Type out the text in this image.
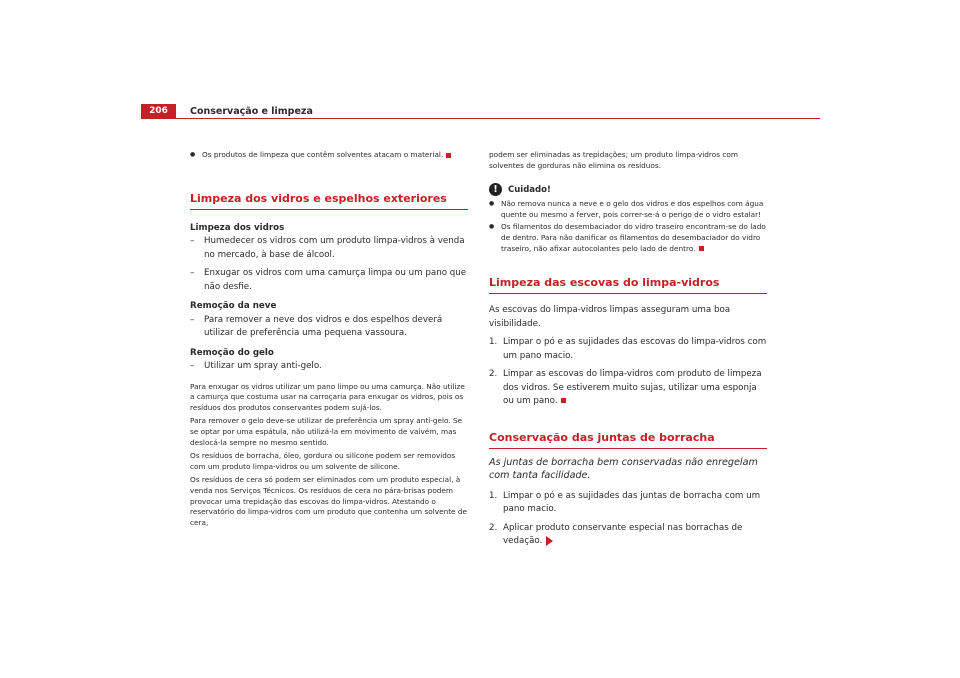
206	Conservação e limpeza

● Os produtos de limpeza que contêm solventes atacam o material.

Limpeza dos vidros e espelhos exteriores

Limpeza dos vidros

– Humedecer os vidros com um produto limpa-vidros à venda no mercado, à base de álcool.

– Enxugar os vidros com uma camurça limpa ou um pano que não desfie.

Remoção da neve

– Para remover a neve dos vidros e dos espelhos deverá utilizar de preferência uma pequena vassoura.

Remoção do gelo

– Utilizar um spray anti-gelo.

Para enxugar os vidros utilizar um pano limpo ou uma camurça. Não utilize a camurça que costuma usar na carroçaria para enxugar os vidros, pois os resíduos dos produtos conservantes podem sujá-los.

Para remover o gelo deve-se utilizar de preferência um spray anti-gelo. Se se optar por uma espátula, não utilizá-la em movimento de vaivém, mas deslocá-la sempre no mesmo sentido.

Os resíduos de borracha, óleo, gordura ou silicone podem ser removidos com um produto limpa-vidros ou um solvente de silicone.

Os resíduos de cera só podem ser eliminados com um produto especial, à venda nos Serviços Técnicos. Os resíduos de cera no pára-brisas podem provocar uma trepidação das escovas do limpa-vidros. Atestando o reservatório do limpa-vidros com um produto que contenha um solvente de cera,

podem ser eliminadas as trepidações; um produto limpa-vidros com solventes de gorduras não elimina os resíduos.

!	Cuidado!

● Não remova nunca a neve e o gelo dos vidros e dos espelhos com água quente ou mesmo a ferver, pois correr-se-á o perigo de o vidro estalar!

● Os filamentos do desembaciador do vidro traseiro encontram-se do lado de dentro. Para não danificar os filamentos do desembaciador do vidro traseiro, não afixar autocolantes pelo lado de dentro.

Limpeza das escovas do limpa-vidros

As escovas do limpa-vidros limpas asseguram uma boa visibilidade.

1. Limpar o pó e as sujidades das escovas do limpa-vidros com um pano macio.

2. Limpar as escovas do limpa-vidros com produto de limpeza dos vidros. Se estiverem muito sujas, utilizar uma esponja ou um pano.

Conservação das juntas de borracha

As juntas de borracha bem conservadas não enregelam com tanta facilidade.

1. Limpar o pó e as sujidades das juntas de borracha com um pano macio.

2. Aplicar produto conservante especial nas borrachas de vedação.
